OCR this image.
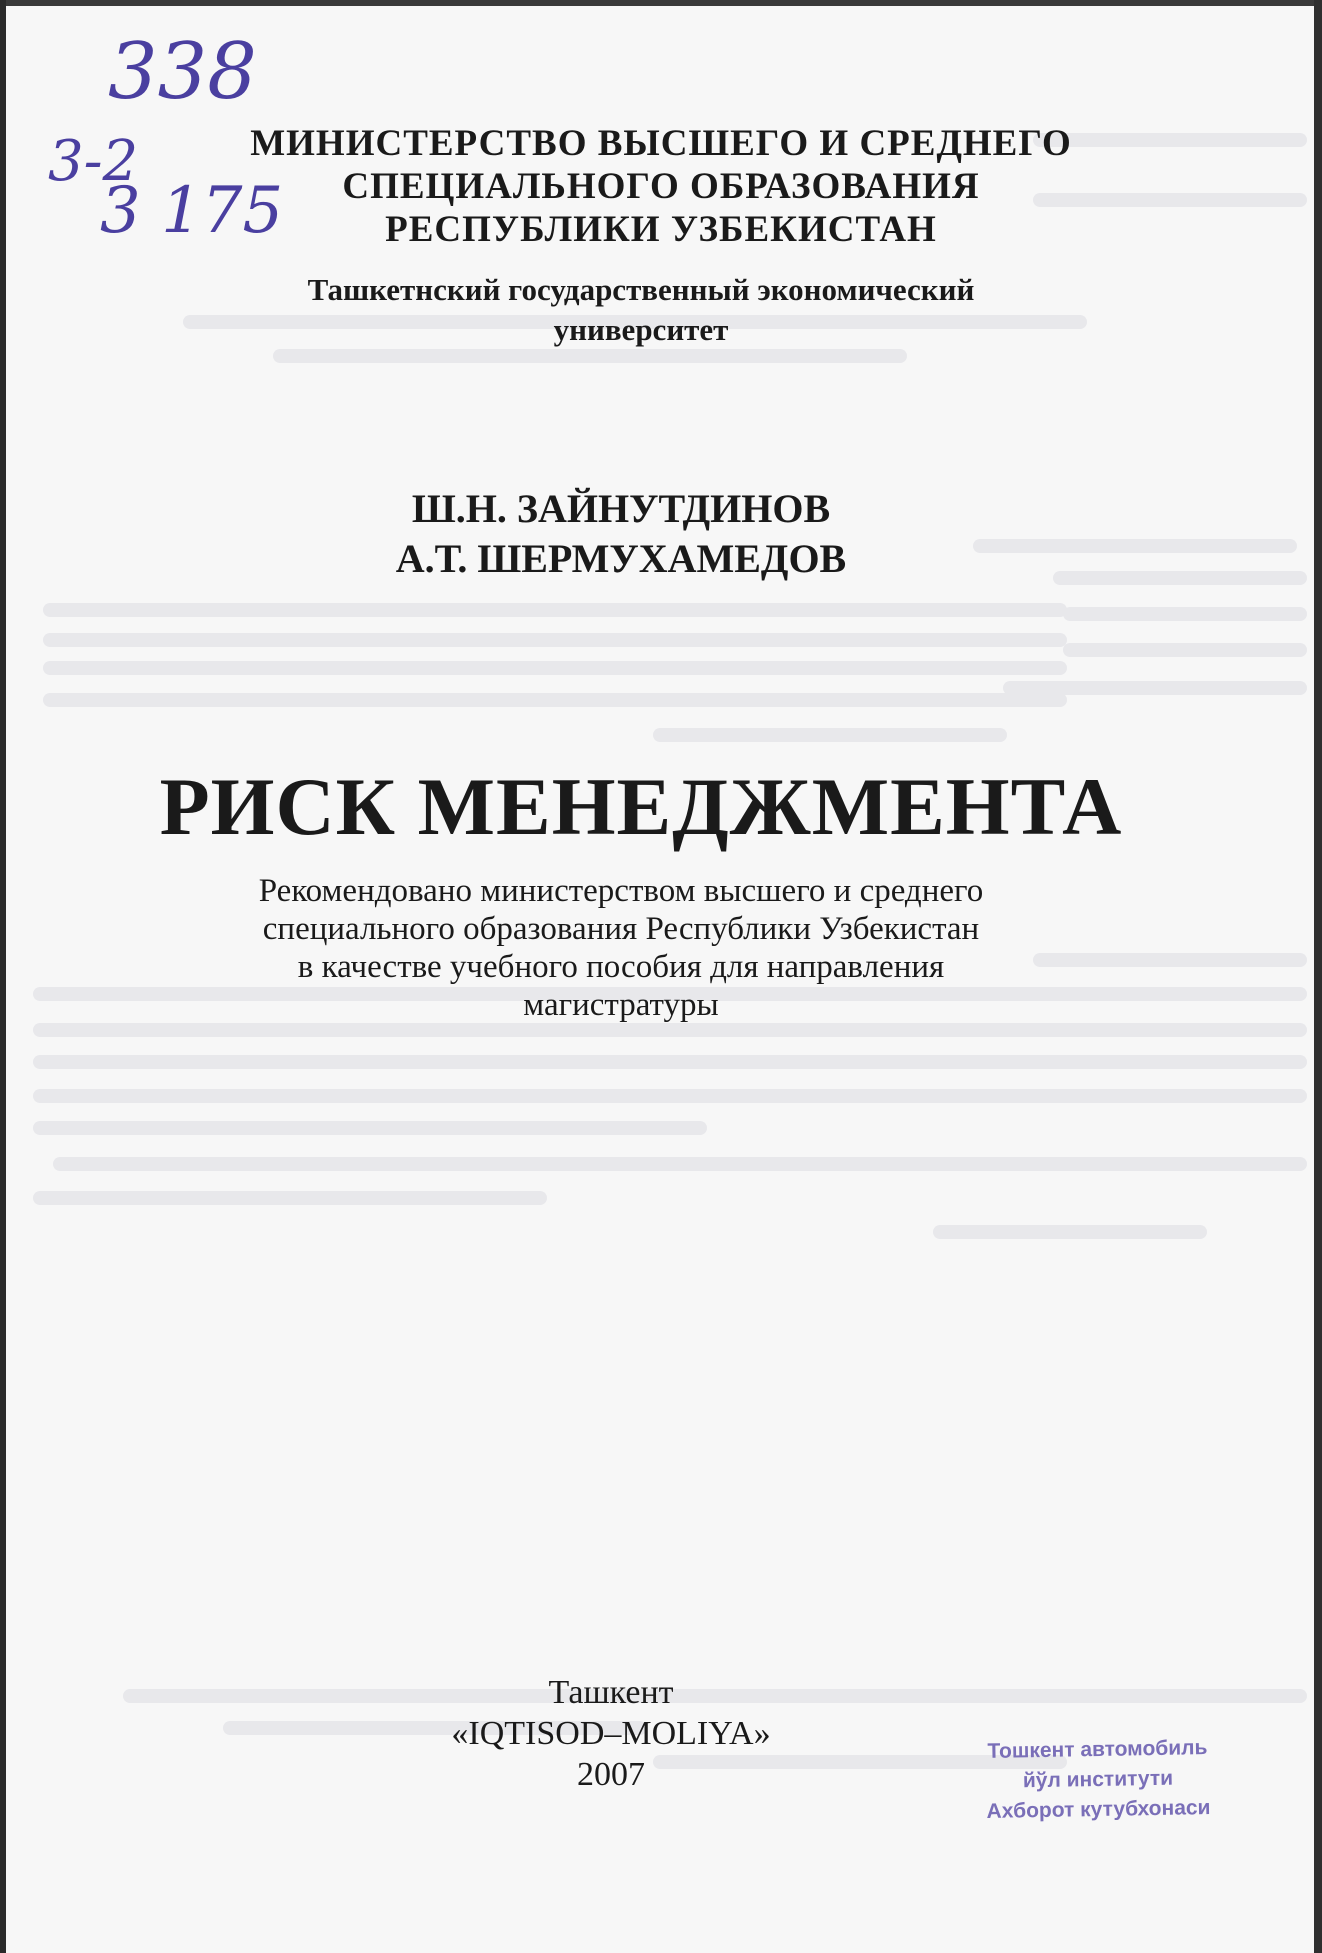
338
3-2
3 175
МИНИСТЕРСТВО ВЫСШЕГО И СРЕДНЕГО
СПЕЦИАЛЬНОГО ОБРАЗОВАНИЯ
РЕСПУБЛИКИ УЗБЕКИСТАН
Ташкетнский государственный экономический
университет
Ш.Н. ЗАЙНУТДИНОВ
А.Т. ШЕРМУХАМЕДОВ
РИСК МЕНЕДЖМЕНТА
Рекомендовано министерством высшего и среднего
специального образования Республики Узбекистан
в качестве учебного пособия для направления
магистратуры
Ташкент
«IQTISOD–MOLIYA»
2007
Тошкент автомобиль
йўл институти
Ахборот кутубхонаси
